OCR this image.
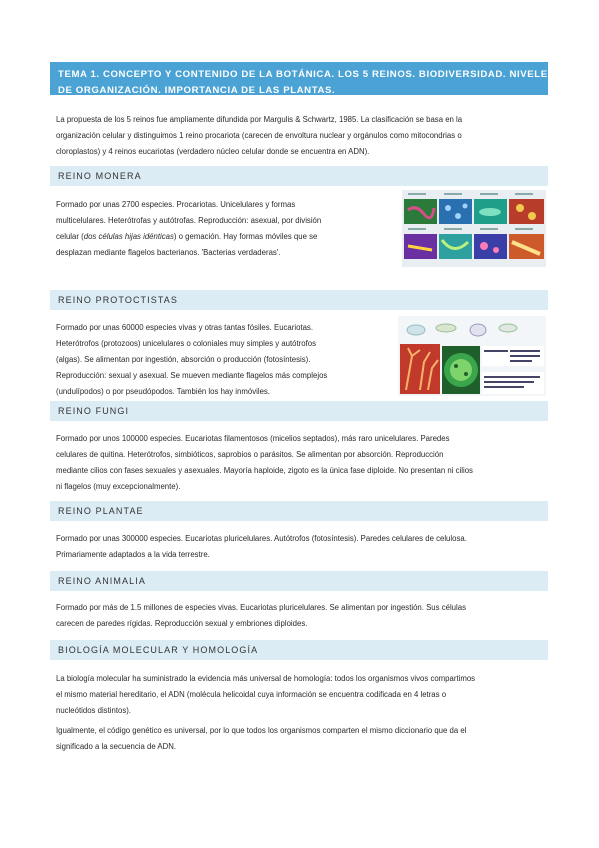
TEMA 1. CONCEPTO Y CONTENIDO DE LA BOTÁNICA. LOS 5 REINOS. BIODIVERSIDAD. NIVELES
DE ORGANIZACIÓN. IMPORTANCIA DE LAS PLANTAS.
La propuesta de los 5 reinos fue ampliamente difundida por Margulis & Schwartz, 1985. La clasificación se basa en la
organización celular y distinguimos 1 reino procariota (carecen de envoltura nuclear y orgánulos como mitocondrias o
cloroplastos) y 4 reinos eucariotas (verdadero núcleo celular donde se encuentra en ADN).
REINO MONERA
Formado por unas 2700 especies. Procariotas. Unicelulares y formas
multicelulares. Heterótrofas y autótrofas. Reproducción: asexual, por división
celular (dos células hijas idénticas) o gemación. Hay formas móviles que se
desplazan mediante flagelos bacterianos. 'Bacterias verdaderas'.
REINO PROTOCTISTAS
Formado por unas 60000 especies vivas y otras tantas fósiles. Eucariotas.
Heterótrofos (protozoos) unicelulares o coloniales muy simples y autótrofos
(algas). Se alimentan por ingestión, absorción o producción (fotosíntesis).
Reproducción: sexual y asexual. Se mueven mediante flagelos más complejos
(undulípodos) o por pseudópodos. También los hay inmóviles.
REINO FUNGI
Formado por unos 100000 especies. Eucariotas filamentosos (micelios septados), más raro unicelulares. Paredes
celulares de quitina. Heterótrofos, simbióticos, saprobios o parásitos. Se alimentan por absorción. Reproducción
mediante cilios con fases sexuales y asexuales. Mayoría haploide, zigoto es la única fase diploide. No presentan ni cilios
ni flagelos (muy excepcionalmente).
REINO PLANTAE
Formado por unas 300000 especies. Eucariotas pluricelulares. Autótrofos (fotosíntesis). Paredes celulares de celulosa.
Primariamente adaptados a la vida terrestre.
REINO ANIMALIA
Formado por más de 1.5 millones de especies vivas. Eucariotas pluricelulares. Se alimentan por ingestión. Sus células
carecen de paredes rígidas. Reproducción sexual y embriones diploides.
BIOLOGÍA MOLECULAR Y HOMOLOGÍA
La biología molecular ha suministrado la evidencia más universal de homología: todos los organismos vivos compartimos
el mismo material hereditario, el ADN (molécula helicoidal cuya información se encuentra codificada en 4 letras o
nucleótidos distintos).
Igualmente, el código genético es universal, por lo que todos los organismos comparten el mismo diccionario que da el
significado a la secuencia de ADN.
